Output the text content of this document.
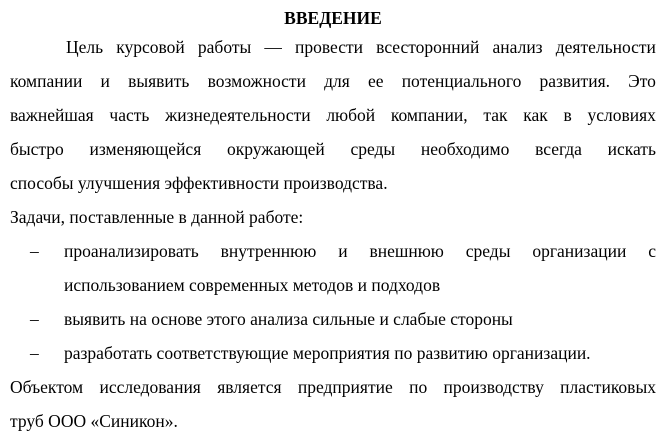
ВВЕДЕНИЕ
Цель курсовой работы — провести всесторонний анализ деятельности
компании и выявить возможности для ее потенциального развития. Это
важнейшая часть жизнедеятельности любой компании, так как в условиях
быстро изменяющейся окружающей среды необходимо всегда искать
способы улучшения эффективности производства.
Задачи, поставленные в данной работе:
– проанализировать внутреннюю и внешнюю среды организации с
использованием современных методов и подходов
–	выявить на основе этого анализа сильные и слабые стороны
–	разработать соответствующие мероприятия по развитию организации.
Объектом исследования является предприятие по производству пластиковых
труб ООО «Синикон».
